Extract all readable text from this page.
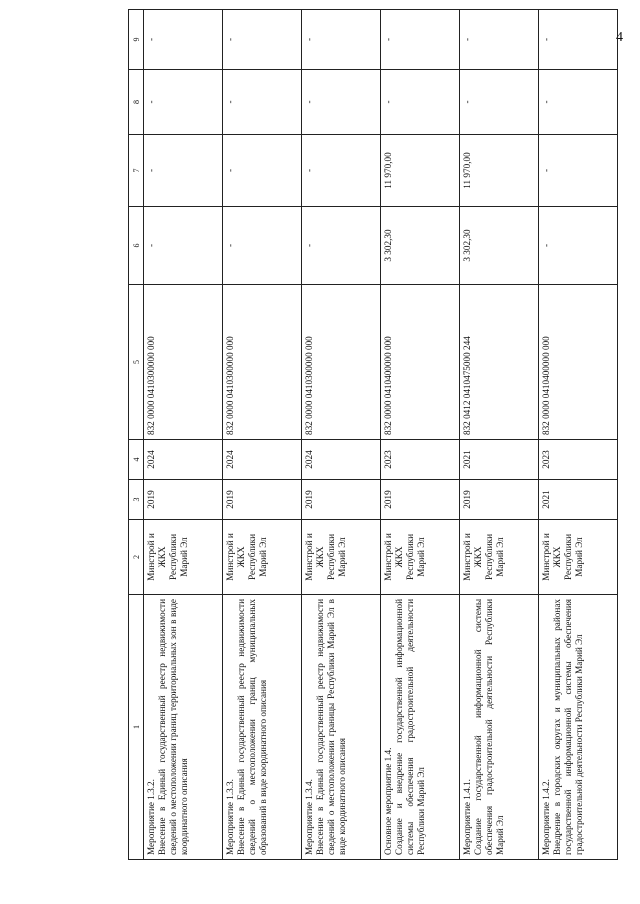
4
1	2	3	4	5	6	7	8	9

Мероприятие 1.3.2. Внесение в Единый государственный реестр недвижимости сведений о местоположении границ территориальных зон в виде координатного описания	Минстрой и ЖКХ Республики Марий Эл	2019	2024	832 0000 0410300000 000	-	-	-	-

Мероприятие 1.3.3. Внесение в Единый государственный реестр недвижимости сведений о местоположении границ муниципальных образований в виде координатного описания	Минстрой и ЖКХ Республики Марий Эл	2019	2024	832 0000 0410300000 000	-	-	-	-

Мероприятие 1.3.4. Внесение в Единый государственный реестр недвижимости сведений о местоположении границы Республики Марий Эл в виде координатного описания	Минстрой и ЖКХ Республики Марий Эл	2019	2024	832 0000 0410300000 000	-	-	-	-

Основное мероприятие 1.4. Создание и внедрение государственной информационной системы обеспечения градостроительной деятельности Республики Марий Эл	Минстрой и ЖКХ Республики Марий Эл	2019	2023	832 0000 0410400000 000	3 302,30	11 970,00	-	-

Мероприятие 1.4.1. Создание государственной информационной системы обеспечения градостроительной деятельности Республики Марий Эл	Минстрой и ЖКХ Республики Марий Эл	2019	2021	832 0412 0410475000 244	3 302,30	11 970,00	-	-

Мероприятие 1.4.2. Внедрение в городских округах и муниципальных районах государственной информационной системы обеспечения градостроительной деятельности Республики Марий Эл	Минстрой и ЖКХ Республики Марий Эл	2021	2023	832 0000 0410400000 000	-	-	-	-
